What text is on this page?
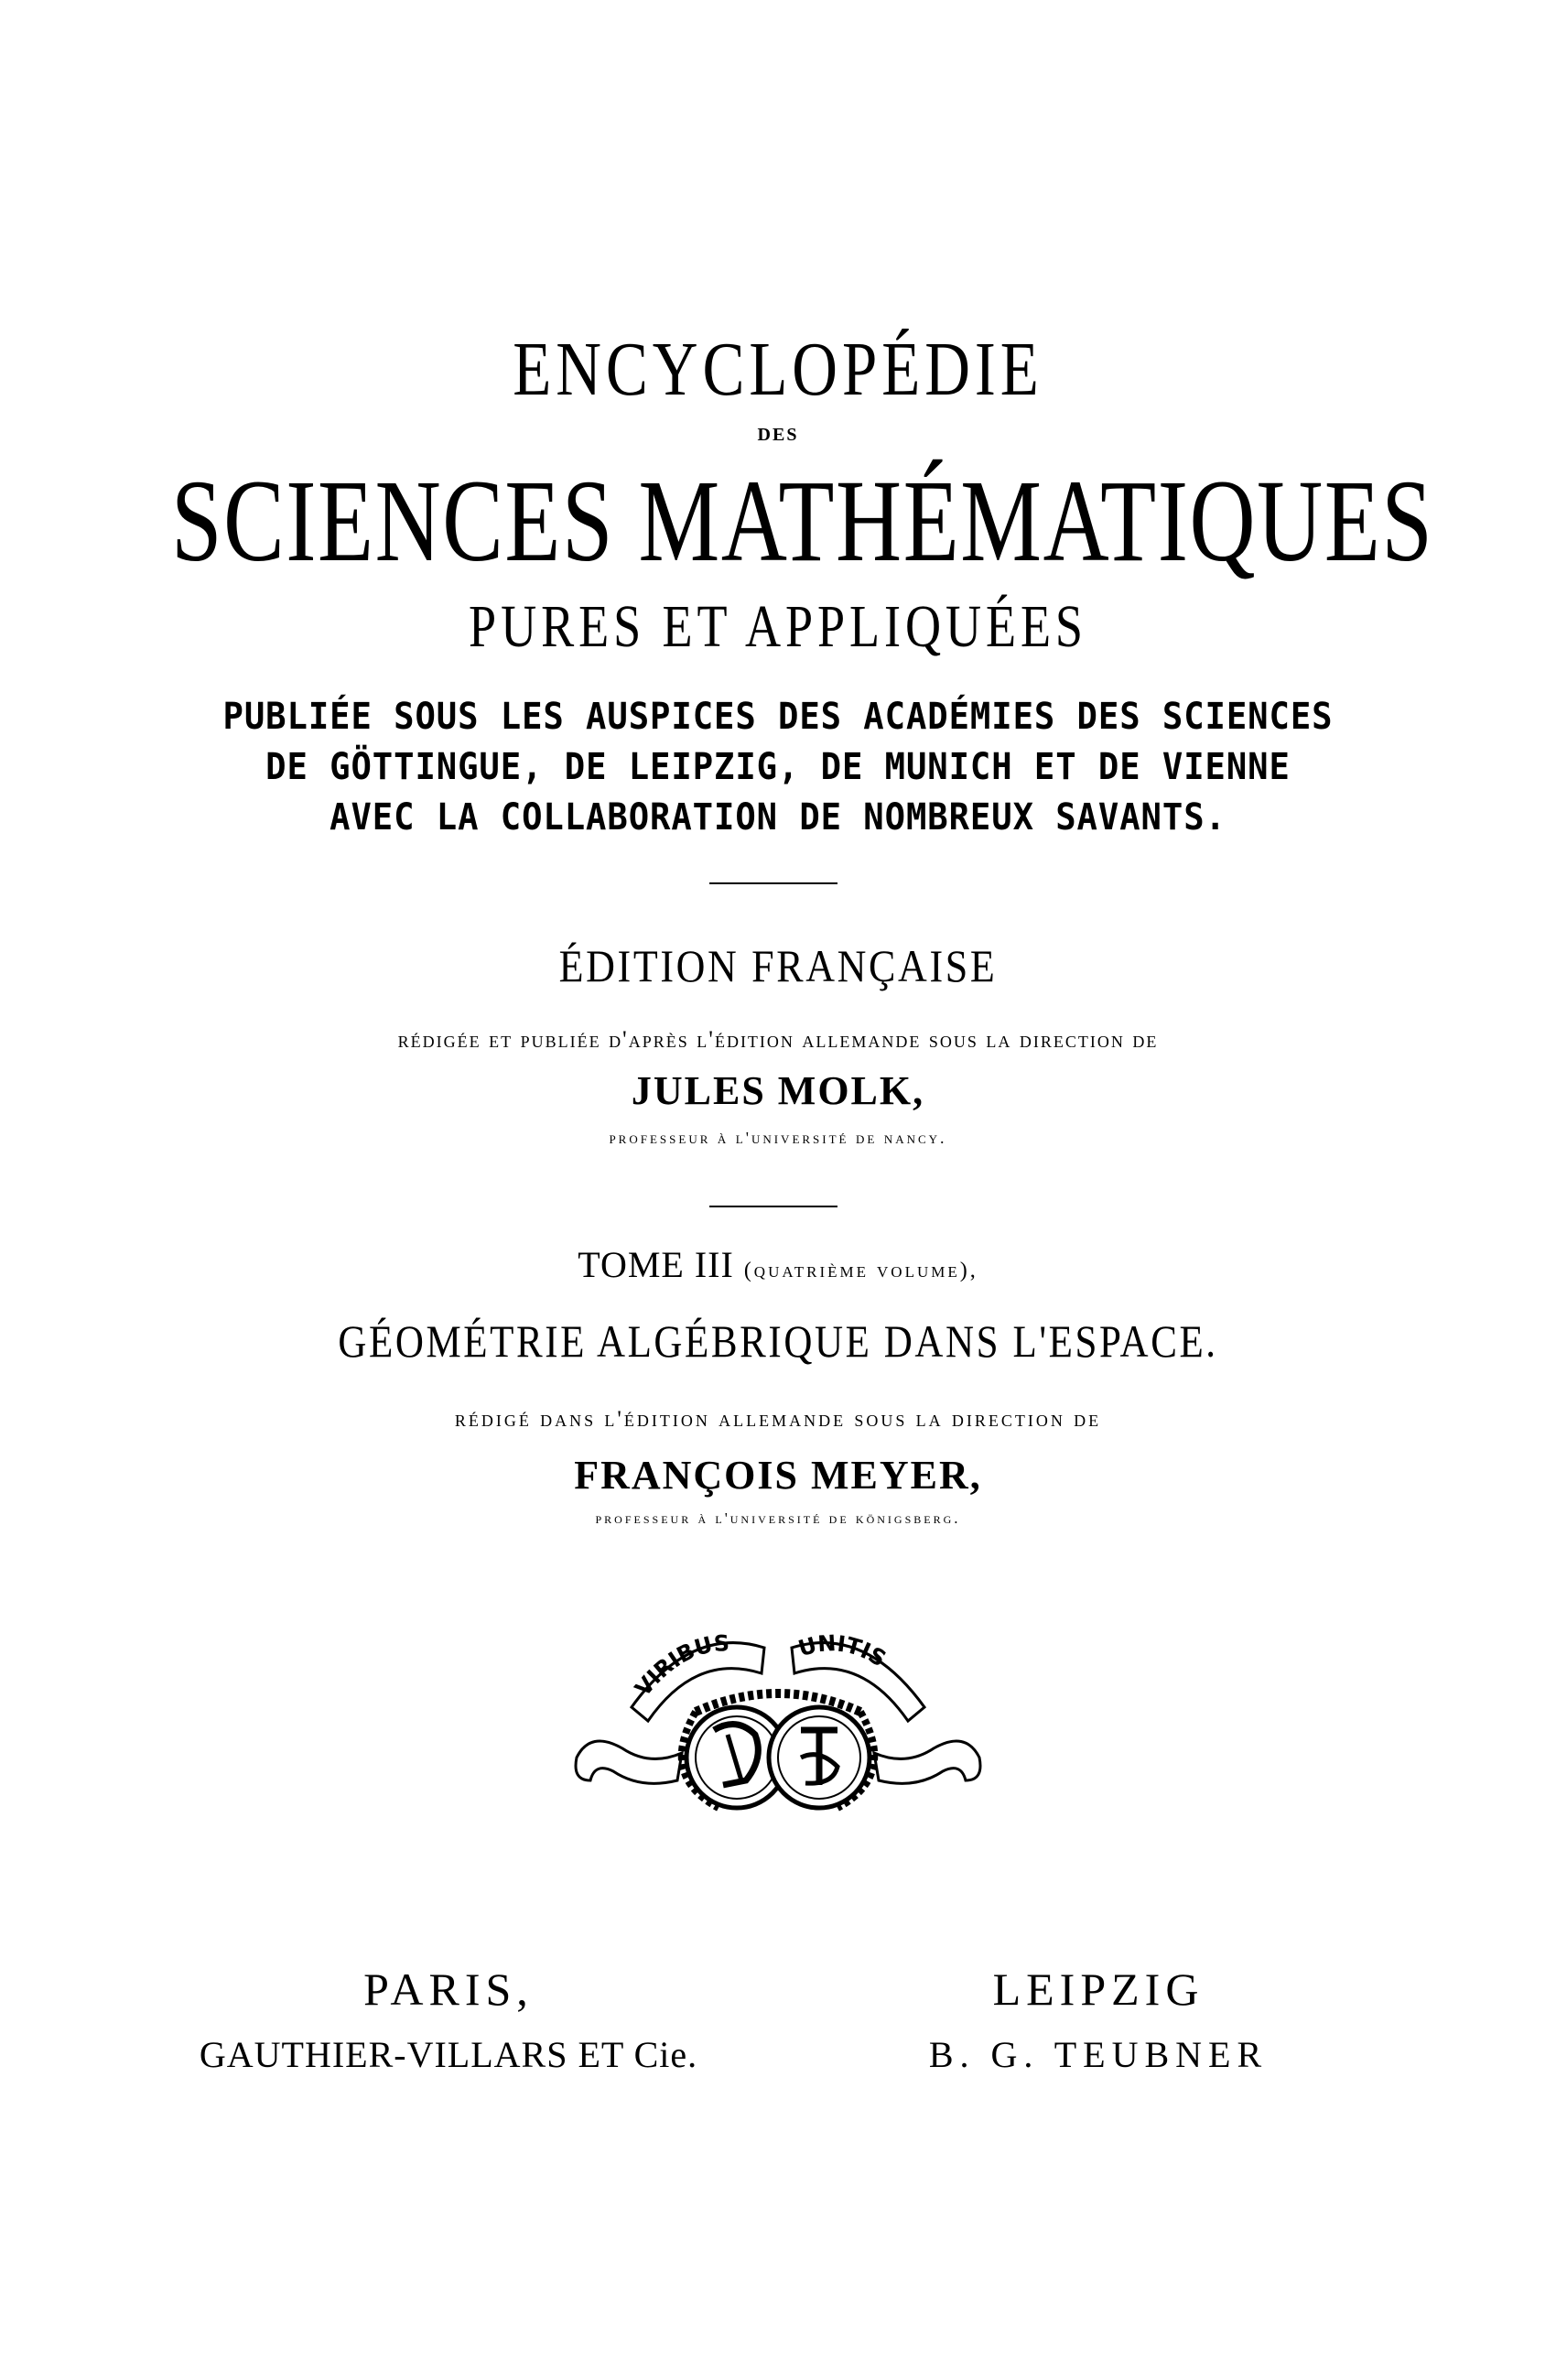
ENCYCLOPÉDIE
DES
SCIENCES MATHÉMATIQUES
PURES ET APPLIQUÉES
PUBLIÉE SOUS LES AUSPICES DES ACADÉMIES DES SCIENCES
DE GÖTTINGUE, DE LEIPZIG, DE MUNICH ET DE VIENNE
AVEC LA COLLABORATION DE NOMBREUX SAVANTS.
ÉDITION FRANÇAISE
rédigée et publiée d'après l'édition allemande sous la direction de
JULES MOLK,
professeur à l'université de nancy.
TOME III (quatrième volume),
GÉOMÉTRIE ALGÉBRIQUE DANS L'ESPACE.
rédigé dans l'édition allemande sous la direction de
FRANÇOIS MEYER,
professeur à l'université de königsberg.
VIRIBUS	UNITIS
PARIS,
GAUTHIER-VILLARS ET Cie.
LEIPZIG
B. G. TEUBNER
